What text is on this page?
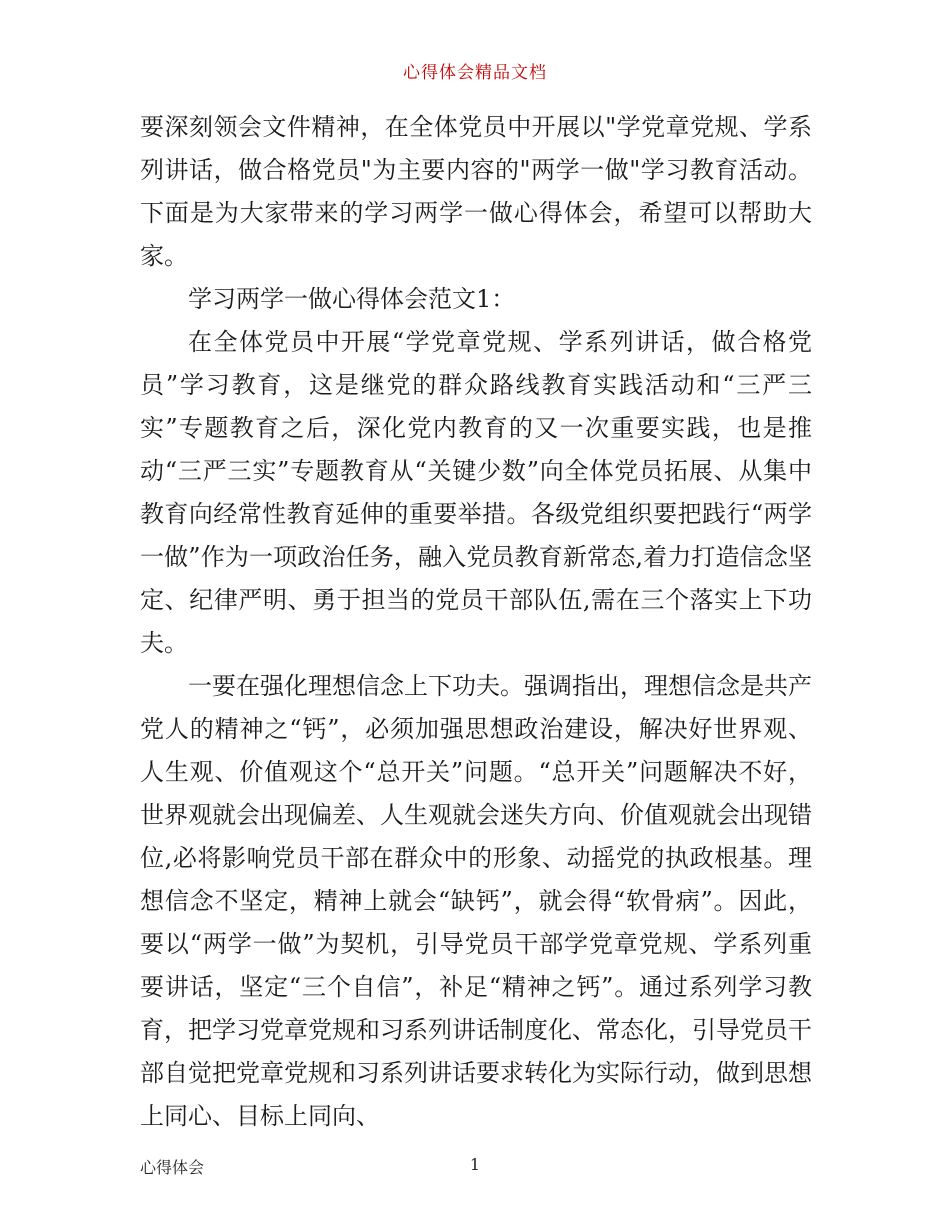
心得体会精品文档

要深刻领会文件精神，在全体党员中开展以"学党章党规、学系列讲话，做合格党员"为主要内容的"两学一做"学习教育活动。下面是为大家带来的学习两学一做心得体会，希望可以帮助大家。

学习两学一做心得体会范文1：

在全体党员中开展“学党章党规、学系列讲话，做合格党员”学习教育，这是继党的群众路线教育实践活动和“三严三实”专题教育之后，深化党内教育的又一次重要实践，也是推动“三严三实”专题教育从“关键少数”向全体党员拓展、从集中教育向经常性教育延伸的重要举措。各级党组织要把践行“两学一做”作为一项政治任务，融入党员教育新常态,着力打造信念坚定、纪律严明、勇于担当的党员干部队伍,需在三个落实上下功夫。

一要在强化理想信念上下功夫。强调指出，理想信念是共产党人的精神之“钙”，必须加强思想政治建设，解决好世界观、人生观、价值观这个“总开关”问题。“总开关”问题解决不好，世界观就会出现偏差、人生观就会迷失方向、价值观就会出现错位,必将影响党员干部在群众中的形象、动摇党的执政根基。理想信念不坚定，精神上就会“缺钙”，就会得“软骨病”。因此，要以“两学一做”为契机，引导党员干部学党章党规、学系列重要讲话，坚定“三个自信”，补足“精神之钙”。通过系列学习教育，把学习党章党规和习系列讲话制度化、常态化，引导党员干部自觉把党章党规和习系列讲话要求转化为实际行动，做到思想上同心、目标上同向、

心得体会	1
